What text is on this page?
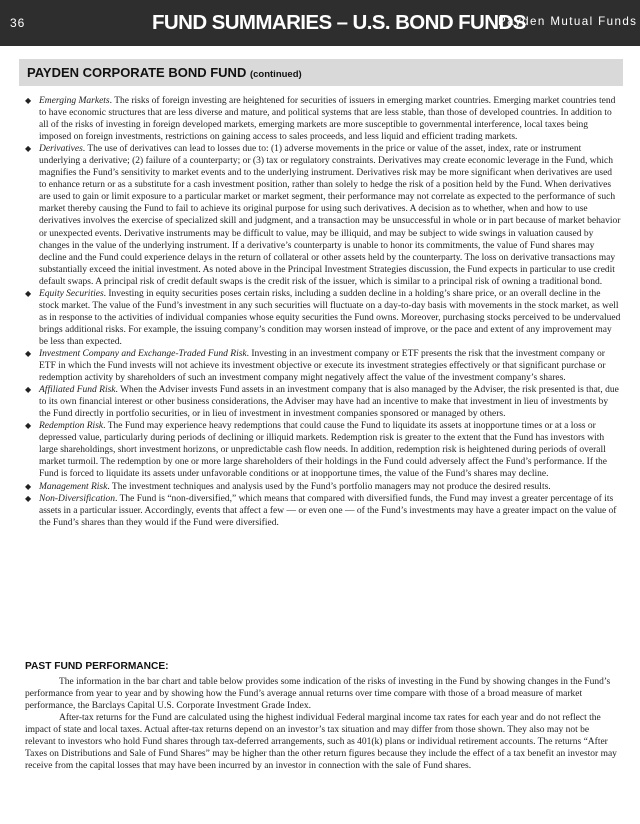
36	FUND SUMMARIES – U.S. BOND FUNDS
Payden Mutual Funds
PAYDEN CORPORATE BOND FUND (continued)
◆ Emerging Markets. The risks of foreign investing are heightened for securities of issuers in emerging market countries. Emerging market countries tend to have economic structures that are less diverse and mature, and political systems that are less stable, than those of developed countries. In addition to all of the risks of investing in foreign developed markets, emerging markets are more susceptible to governmental interference, local taxes being imposed on foreign investments, restrictions on gaining access to sales proceeds, and less liquid and efficient trading markets.
◆ Derivatives. The use of derivatives can lead to losses due to: (1) adverse movements in the price or value of the asset, index, rate or instrument underlying a derivative; (2) failure of a counterparty; or (3) tax or regulatory constraints. Derivatives may create economic leverage in the Fund, which magnifies the Fund’s sensitivity to market events and to the underlying instrument. Derivatives risk may be more significant when derivatives are used to enhance return or as a substitute for a cash investment position, rather than solely to hedge the risk of a position held by the Fund. When derivatives are used to gain or limit exposure to a particular market or market segment, their performance may not correlate as expected to the performance of such market thereby causing the Fund to fail to achieve its original purpose for using such derivatives. A decision as to whether, when and how to use derivatives involves the exercise of specialized skill and judgment, and a transaction may be unsuccessful in whole or in part because of market behavior or unexpected events. Derivative instruments may be difficult to value, may be illiquid, and may be subject to wide swings in valuation caused by changes in the value of the underlying instrument. If a derivative’s counterparty is unable to honor its commitments, the value of Fund shares may decline and the Fund could experience delays in the return of collateral or other assets held by the counterparty. The loss on derivative transactions may substantially exceed the initial investment. As noted above in the Principal Investment Strategies discussion, the Fund expects in particular to use credit default swaps. A principal risk of credit default swaps is the credit risk of the issuer, which is similar to a principal risk of owning a traditional bond.
◆ Equity Securities. Investing in equity securities poses certain risks, including a sudden decline in a holding’s share price, or an overall decline in the stock market. The value of the Fund’s investment in any such securities will fluctuate on a day-to-day basis with movements in the stock market, as well as in response to the activities of individual companies whose equity securities the Fund owns. Moreover, purchasing stocks perceived to be undervalued brings additional risks. For example, the issuing company’s condition may worsen instead of improve, or the pace and extent of any improvement may be less than expected.
◆ Investment Company and Exchange-Traded Fund Risk. Investing in an investment company or ETF presents the risk that the investment company or ETF in which the Fund invests will not achieve its investment objective or execute its investment strategies effectively or that significant purchase or redemption activity by shareholders of such an investment company might negatively affect the value of the investment company’s shares.
◆ Affiliated Fund Risk. When the Adviser invests Fund assets in an investment company that is also managed by the Adviser, the risk presented is that, due to its own financial interest or other business considerations, the Adviser may have had an incentive to make that investment in lieu of investments by the Fund directly in portfolio securities, or in lieu of investment in investment companies sponsored or managed by others.
◆ Redemption Risk. The Fund may experience heavy redemptions that could cause the Fund to liquidate its assets at inopportune times or at a loss or depressed value, particularly during periods of declining or illiquid markets. Redemption risk is greater to the extent that the Fund has investors with large shareholdings, short investment horizons, or unpredictable cash flow needs. In addition, redemption risk is heightened during periods of overall market turmoil. The redemption by one or more large shareholders of their holdings in the Fund could adversely affect the Fund’s performance. If the Fund is forced to liquidate its assets under unfavorable conditions or at inopportune times, the value of the Fund’s shares may decline.
◆ Management Risk. The investment techniques and analysis used by the Fund’s portfolio managers may not produce the desired results.
◆ Non-Diversification. The Fund is “non-diversified,” which means that compared with diversified funds, the Fund may invest a greater percentage of its assets in a particular issuer. Accordingly, events that affect a few — or even one — of the Fund’s investments may have a greater impact on the value of the Fund’s shares than they would if the Fund were diversified.
PAST FUND PERFORMANCE:

The information in the bar chart and table below provides some indication of the risks of investing in the Fund by showing changes in the Fund’s performance from year to year and by showing how the Fund’s average annual returns over time compare with those of a broad measure of market performance, the Barclays Capital U.S. Corporate Investment Grade Index.

After-tax returns for the Fund are calculated using the highest individual Federal marginal income tax rates for each year and do not reflect the impact of state and local taxes. Actual after-tax returns depend on an investor’s tax situation and may differ from those shown. They also may not be relevant to investors who hold Fund shares through tax-deferred arrangements, such as 401(k) plans or individual retirement accounts. The returns “After Taxes on Distributions and Sale of Fund Shares” may be higher than the other return figures because they include the effect of a tax benefit an investor may receive from the capital losses that may have been incurred by an investor in connection with the sale of Fund shares.
